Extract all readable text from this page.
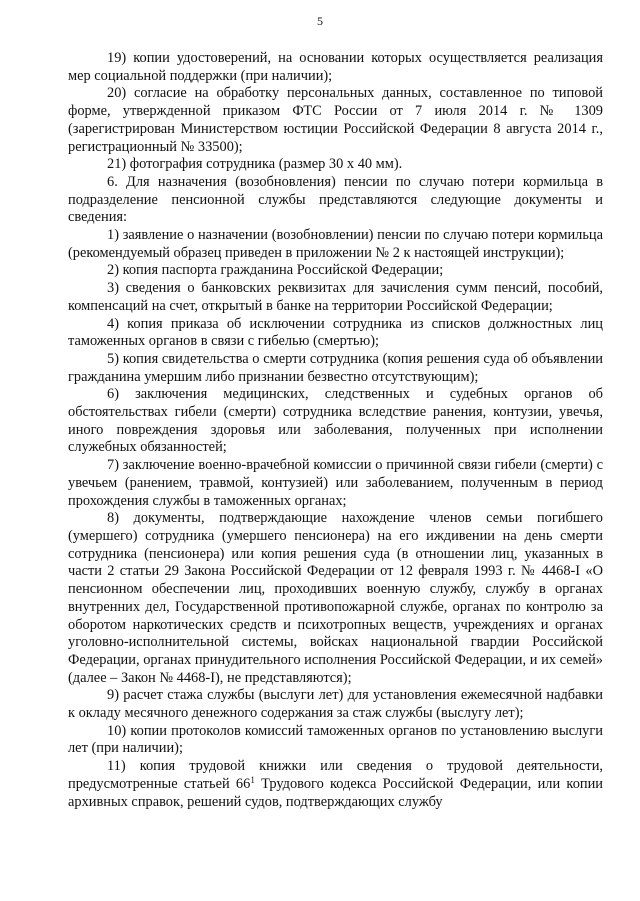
5

19) копии удостоверений, на основании которых осуществляется реализация мер социальной поддержки (при наличии);

20) согласие на обработку персональных данных, составленное по типовой форме, утвержденной приказом ФТС России от 7 июля 2014 г. № 1309 (зарегистрирован Министерством юстиции Российской Федерации 8 августа 2014 г., регистрационный № 33500);

21) фотография сотрудника (размер 30 х 40 мм).

6. Для назначения (возобновления) пенсии по случаю потери кормильца в подразделение пенсионной службы представляются следующие документы и сведения:

1) заявление о назначении (возобновлении) пенсии по случаю потери кормильца (рекомендуемый образец приведен в приложении № 2 к настоящей инструкции);

2) копия паспорта гражданина Российской Федерации;

3) сведения о банковских реквизитах для зачисления сумм пенсий, пособий, компенсаций на счет, открытый в банке на территории Российской Федерации;

4) копия приказа об исключении сотрудника из списков должностных лиц таможенных органов в связи с гибелью (смертью);

5) копия свидетельства о смерти сотрудника (копия решения суда об объявлении гражданина умершим либо признании безвестно отсутствующим);

6) заключения медицинских, следственных и судебных органов об обстоятельствах гибели (смерти) сотрудника вследствие ранения, контузии, увечья, иного повреждения здоровья или заболевания, полученных при исполнении служебных обязанностей;

7) заключение военно-врачебной комиссии о причинной связи гибели (смерти) с увечьем (ранением, травмой, контузией) или заболеванием, полученным в период прохождения службы в таможенных органах;

8) документы, подтверждающие нахождение членов семьи погибшего (умершего) сотрудника (умершего пенсионера) на его иждивении на день смерти сотрудника (пенсионера) или копия решения суда (в отношении лиц, указанных в части 2 статьи 29 Закона Российской Федерации от 12 февраля 1993 г. № 4468-I «О пенсионном обеспечении лиц, проходивших военную службу, службу в органах внутренних дел, Государственной противопожарной службе, органах по контролю за оборотом наркотических средств и психотропных веществ, учреждениях и органах уголовно-исполнительной системы, войсках национальной гвардии Российской Федерации, органах принудительного исполнения Российской Федерации, и их семей» (далее – Закон № 4468-I), не представляются);

9) расчет стажа службы (выслуги лет) для установления ежемесячной надбавки к окладу месячного денежного содержания за стаж службы (выслугу лет);

10) копии протоколов комиссий таможенных органов по установлению выслуги лет (при наличии);

11) копия трудовой книжки или сведения о трудовой деятельности, предусмотренные статьей $66^1$ Трудового кодекса Российской Федерации, или копии архивных справок, решений судов, подтверждающих службу
